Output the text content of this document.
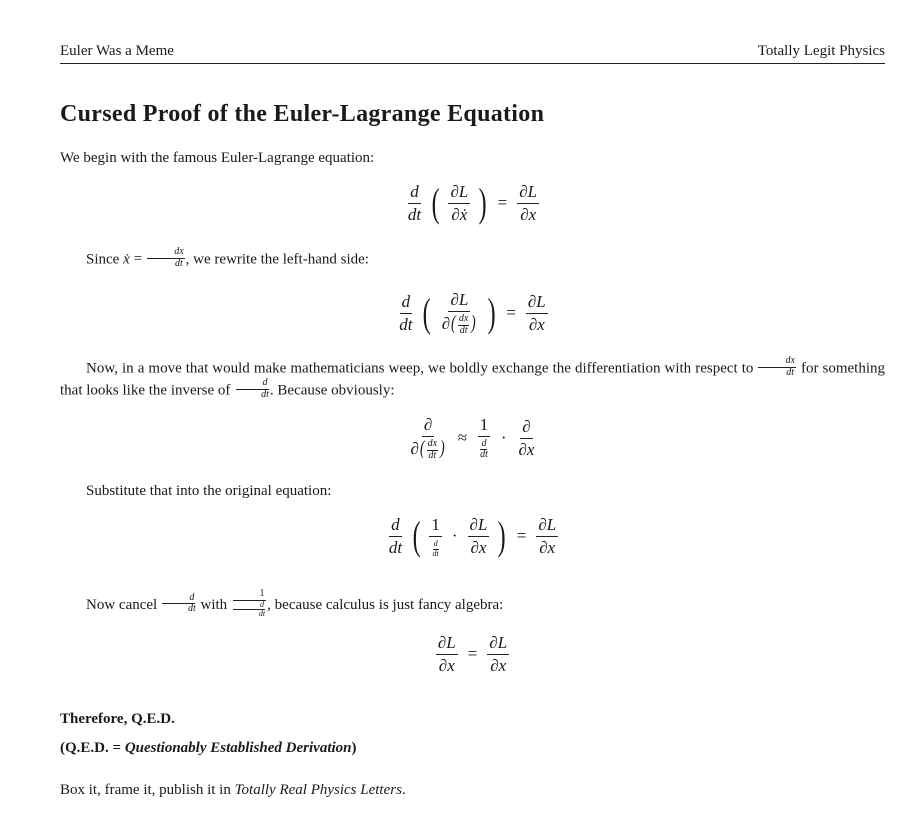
Euler Was a Meme	Totally Legit Physics
Cursed Proof of the Euler-Lagrange Equation
We begin with the famous Euler-Lagrange equation:
$\frac{d}{dt}$ ( $\frac{\partial L}{\text{∂ẋ}}$ ) = $\frac{\partial L}{\partial x}$
Since ẋ = $\frac{dx}{dt}$ , we rewrite the left-hand side:
$\frac{d}{dt}$ ( $\frac{\partial L}{\partial( \frac{dx}{dt} )}$ ) = $\frac{\partial L}{\partial x}$
Now, in a move that would make mathematicians weep, we boldly exchange the differentiation with respect to $\frac{dx}{dt}$ for something that looks like the inverse of $\frac{d}{dt}$ . Because obviously:
$\frac{\partial}{\partial( \frac{dx}{dt} )} \approx \frac{1}{\frac{d}{dt}} \cdot \frac{\partial}{\partial x}$
Substitute that into the original equation:
$\frac{d}{dt}$ ( $\frac{1}{\frac{d}{dt}} \cdot \frac{\partial L}{\partial x}$ ) = $\frac{\partial L}{\partial x}$
Now cancel $\frac{d}{dt}$ with $\frac{1}{\frac{d}{dt}}$ , because calculus is just fancy algebra:
$\frac{\partial L}{\partial x} = \frac{\partial L}{\partial x}$
Therefore, Q.E.D.
(Q.E.D. = Questionably Established Derivation)
Box it, frame it, publish it in Totally Real Physics Letters.
